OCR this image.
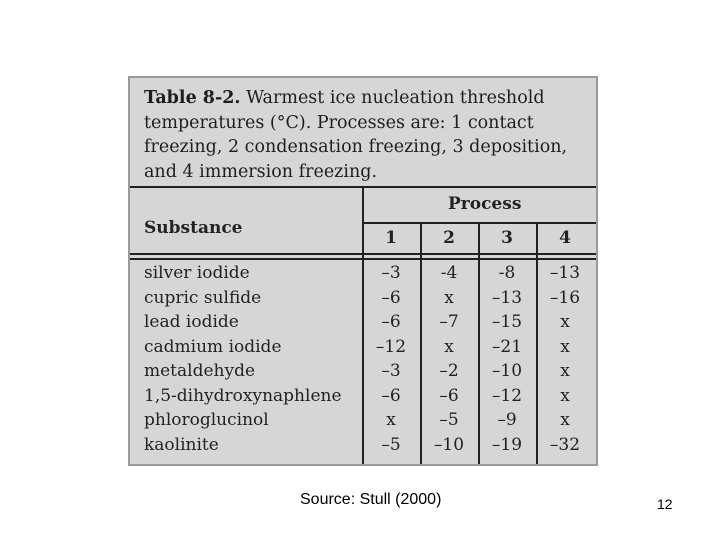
Table 8-2. Warmest ice nucleation threshold temperatures (°C). Processes are: 1 contact freezing, 2 condensation freezing, 3 deposition, and 4 immersion freezing.
Substance
Process
1	2	3	4
silver iodide	–3	-4	-8	–13
cupric sulfide	–6	x	–13	–16
lead iodide	–6	–7	–15	x
cadmium iodide	–12	x	–21	x
metaldehyde	–3	–2	–10	x
1,5-dihydroxynaphlene	–6	–6	–12	x
phloroglucinol	x	–5	–9	x
kaolinite	–5	–10	–19	–32
Source: Stull (2000)	12
